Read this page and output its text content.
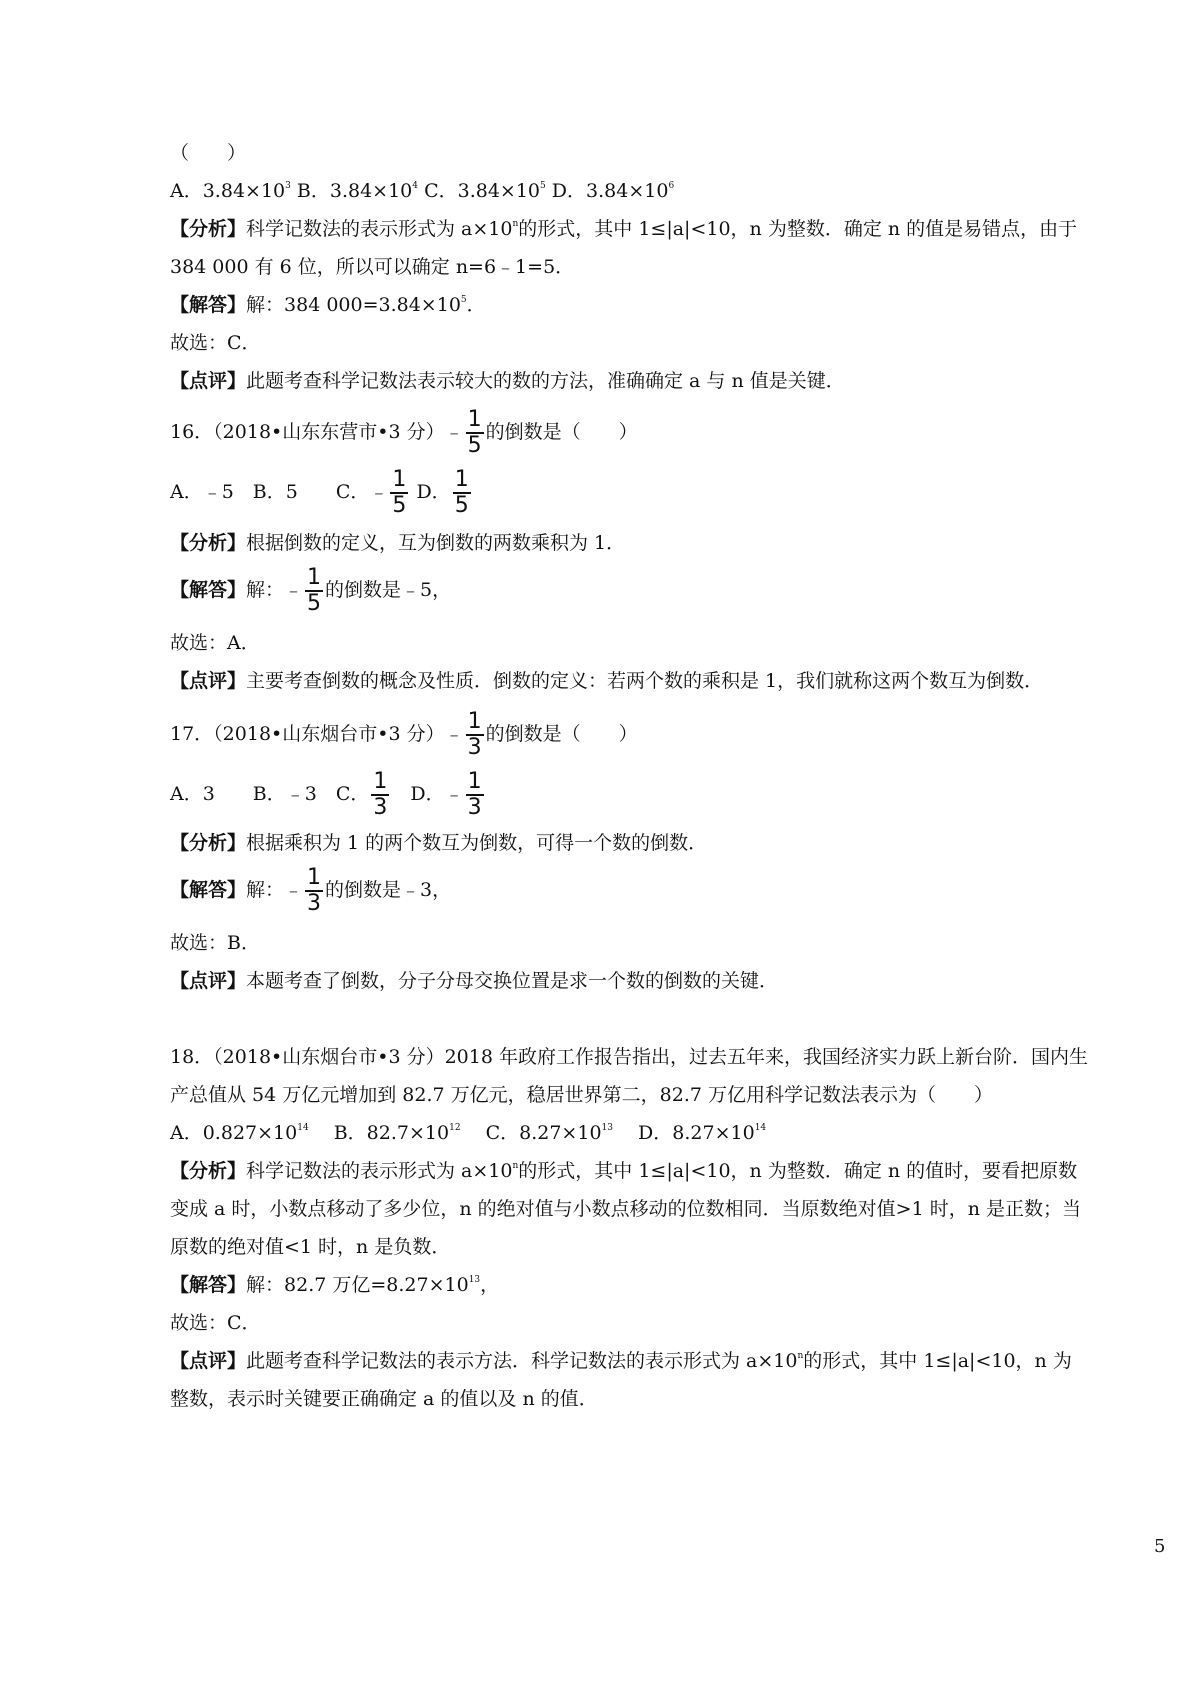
（　　）
A．$3.84\times 10^3$ B．$3.84\times 10^4$ C．$3.84\times 10^5$ D．$3.84\times 10^6$
【分析】科学记数法的表示形式为 $a\times 10^n$的形式，其中 1≤|a|<10，n 为整数．确定 n 的值是易错点，由于
384 000 有 6 位，所以可以确定 n=6﹣1=5．
【解答】解：384 $000=3.84\times 10^5$．
故选：C．
【点评】此题考查科学记数法表示较大的数的方法，准确确定 a 与 n 值是关键．
16．（2018•山东东营市•3 分）﹣ $\frac{1}{5}$ 的倒数是（　　）
A．﹣5　B．5　　C．﹣ $\frac{1}{5}$ D． $\frac{1}{5}$
【分析】根据倒数的定义，互为倒数的两数乘积为 1．
【解答】解：﹣ $\frac{1}{5}$ 的倒数是﹣5，
故选：A．
【点评】主要考查倒数的概念及性质．倒数的定义：若两个数的乘积是 1，我们就称这两个数互为倒数．
17．（2018•山东烟台市•3 分）﹣ $\frac{1}{3}$ 的倒数是（　　）
A．3　　B．﹣3　C． $\frac{1}{3}$ 　D．﹣ $\frac{1}{3}$
【分析】根据乘积为 1 的两个数互为倒数，可得一个数的倒数．
【解答】解：﹣ $\frac{1}{3}$ 的倒数是﹣3，
故选：B．
【点评】本题考查了倒数，分子分母交换位置是求一个数的倒数的关键．
18．（2018•山东烟台市•3 分）2018 年政府工作报告指出，过去五年来，我国经济实力跃上新台阶．国内生
产总值从 54 万亿元增加到 82.7 万亿元，稳居世界第二，82.7 万亿用科学记数法表示为（　　）
A．$0.827\times 10^{14}$　 B．$82.7\times 10^{12}$　 C．$8.27\times 10^{13}$　 D．$8.27\times 10^{14}$
【分析】科学记数法的表示形式为 $a\times 10^n$的形式，其中 1≤|a|<10，n 为整数．确定 n 的值时，要看把原数
变成 a 时，小数点移动了多少位，n 的绝对值与小数点移动的位数相同．当原数绝对值>1 时，n 是正数；当
原数的绝对值<1 时，n 是负数．
【解答】解：82.7 万亿$=8.27\times 10^{13}$，
故选：C．
【点评】此题考查科学记数法的表示方法．科学记数法的表示形式为 $a\times 10^n$的形式，其中 1≤|a|<10，n 为
整数，表示时关键要正确确定 a 的值以及 n 的值．
5
